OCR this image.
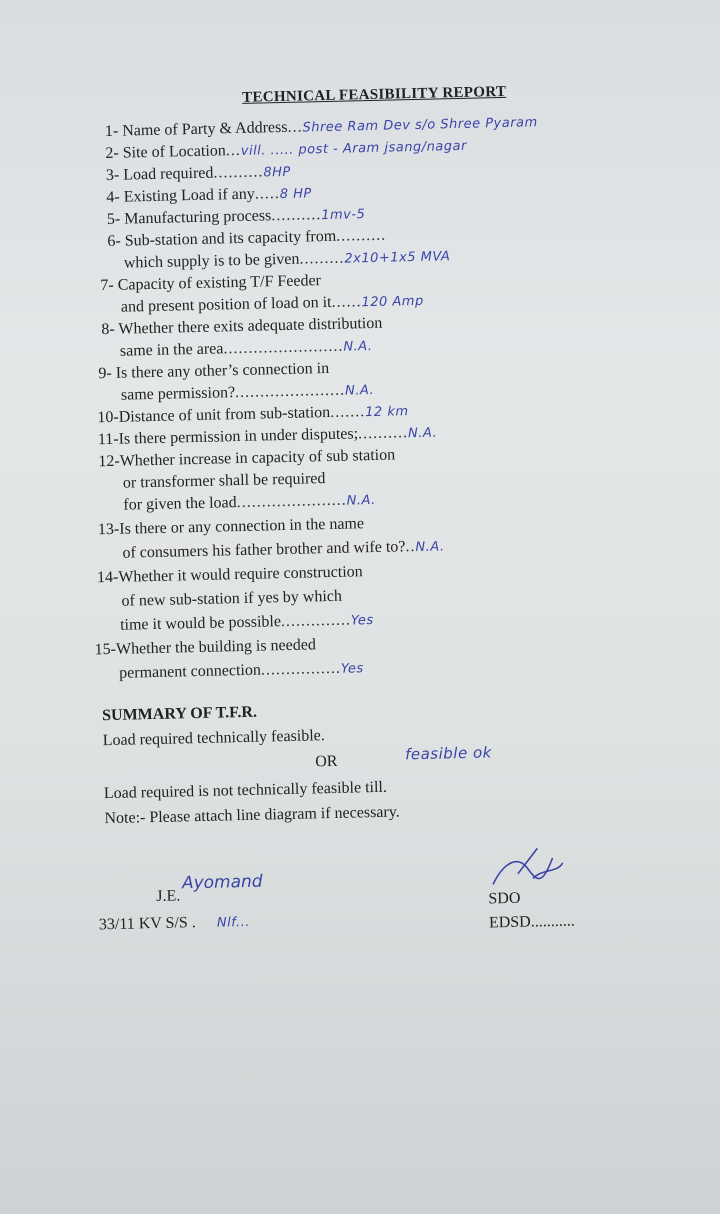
TECHNICAL FEASIBILITY REPORT
1- Name of Party & Address...Shree Ram Dev s/o Shree Pyaram
2- Site of Location...vill. ..... post - Aram jsang/nagar
3- Load required..........8HP
4- Existing Load if any.....8 HP
5- Manufacturing process..........1mv-5
6- Sub-station and its capacity from..........
which supply is to be given.........2x10+1x5 MVA
7- Capacity of existing T/F Feeder
and present position of load on it......120 Amp
8- Whether there exits adequate distribution
same in the area........................N.A.
9- Is there any other’s connection in
same permission?......................N.A.
10-Distance of unit from sub-station.......12 km
11-Is there permission in under disputes;..........N.A.
12-Whether increase in capacity of sub station
or transformer shall be required
for given the load......................N.A.
13-Is there or any connection in the name
of consumers his father brother and wife to?..N.A.
14-Whether it would require construction
of new sub-station if yes by which
time it would be possible..............Yes
15-Whether the building is needed
permanent connection................Yes
SUMMARY OF T.F.R.
Load required technically feasible.
OR	feasible ok
Load required is not technically feasible till.
Note:- Please attach line diagram if necessary.
J.E.
Ayomand
33/11 KV S/S . Nlf...
SDO
EDSD...........
